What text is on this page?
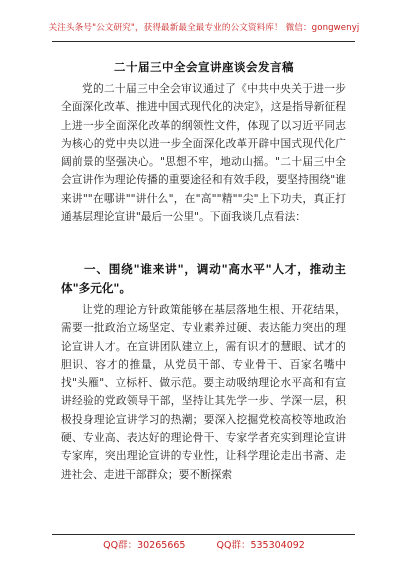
关注头条号"公文研究"，获得最新最全最专业的公文资料库！ 微信：gongwenyj
二十届三中全会宣讲座谈会发言稿
党的二十届三中全会审议通过了《中共中央关于进一步全面深化改革、推进中国式现代化的决定》，这是指导新征程上进一步全面深化改革的纲领性文件，体现了以习近平同志为核心的党中央以进一步全面深化改革开辟中国式现代化广阔前景的坚强决心。"思想不牢，地动山摇。"二十届三中全会宣讲作为理论传播的重要途径和有效手段，要坚持围绕"谁来讲""在哪讲""讲什么"，在"高""精""尖"上下功夫，真正打通基层理论宣讲"最后一公里"。下面我谈几点看法：
一、围绕"谁来讲"，调动"高水平"人才，推动主体"多元化"。
让党的理论方针政策能够在基层落地生根、开花结果，需要一批政治立场坚定、专业素养过硬、表达能力突出的理论宣讲人才。在宣讲团队建立上，需有识才的慧眼、试才的胆识、容才的推量，从党员干部、专业骨干、百家名嘴中找"头雁"、立标杆、做示范。要主动吸纳理论水平高和有宣讲经验的党政领导干部，坚持让其先学一步、学深一层，积极投身理论宣讲学习的热潮；要深入挖掘党校高校等地政治硬、专业高、表达好的理论骨干、专家学者充实到理论宣讲专家库，突出理论宣讲的专业性，让科学理论走出书斋、走进社会、走进干部群众；要不断探索
QQ群：30265665	QQ群：535304092
